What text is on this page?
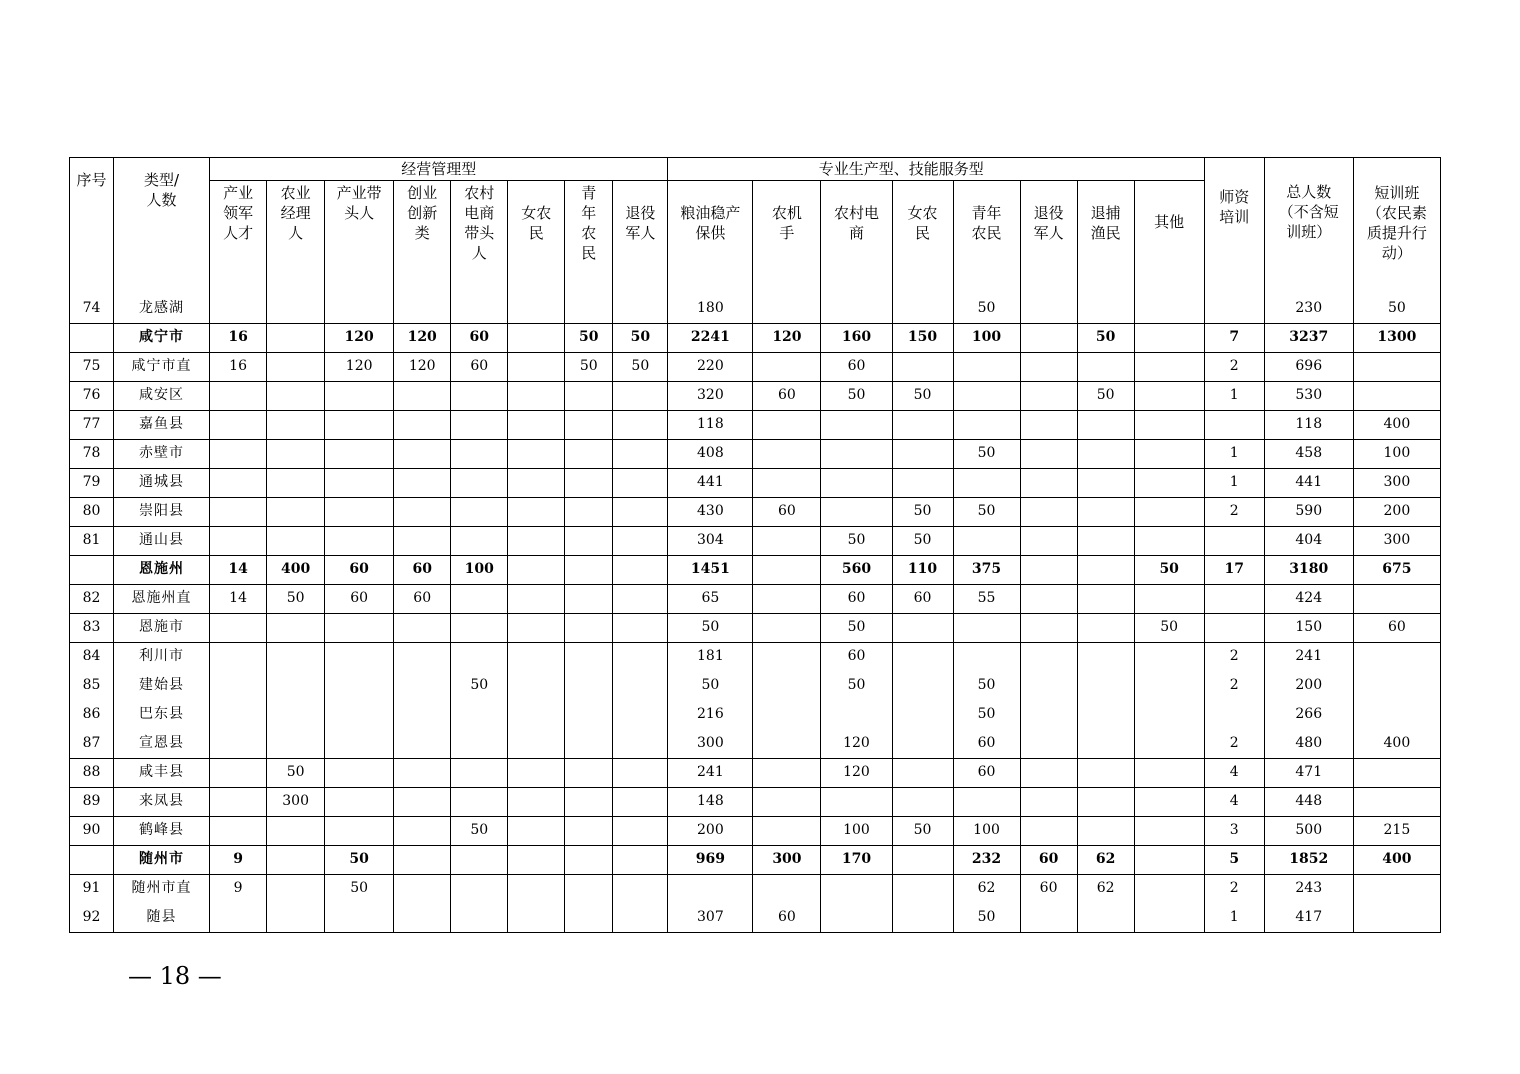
序号	类型/人数	经营管理型								专业生产型、技能服务型								师资培训	总人数（不含短训班）	短训班（农民素质提升行动）

		产业领军人才	农业经理人	产业带头人	创业创新类	农村电商带头人	女农民	青年农民	退役军人	粮油稳产保供	农机手	农村电商	女农民	青年农民	退役军人	退捕渔民	其他			
74	龙感湖									180				50					230	50
	咸宁市	16		120	120	60		50	50	2241	120	160	150	100		50		7	3237	1300
75	咸宁市直	16		120	120	60		50	50	220		60						2	696	
76	咸安区									320	60	50	50			50		1	530	
77	嘉鱼县									118									118	400
78	赤壁市									408				50				1	458	100
79	通城县									441								1	441	300
80	崇阳县									430	60		50	50				2	590	200
81	通山县									304		50	50						404	300
	恩施州	14	400	60	60	100				1451		560	110	375			50	17	3180	675
82	恩施州直	14	50	60	60					65		60	60	55					424	
83	恩施市									50		50					50		150	60
84	利川市									181		60						2	241	
85	建始县					50				50		50		50				2	200	
86	巴东县									216				50					266	
87	宣恩县									300		120		60				2	480	400
88	咸丰县		50							241		120		60				4	471	
89	来凤县		300							148								4	448	
90	鹤峰县					50				200		100	50	100				3	500	215
	随州市	9		50						969	300	170		232	60	62		5	1852	400
91	随州市直	9		50										62	60	62		2	243	
92	随县									307	60			50				1	417	
— 18 —
